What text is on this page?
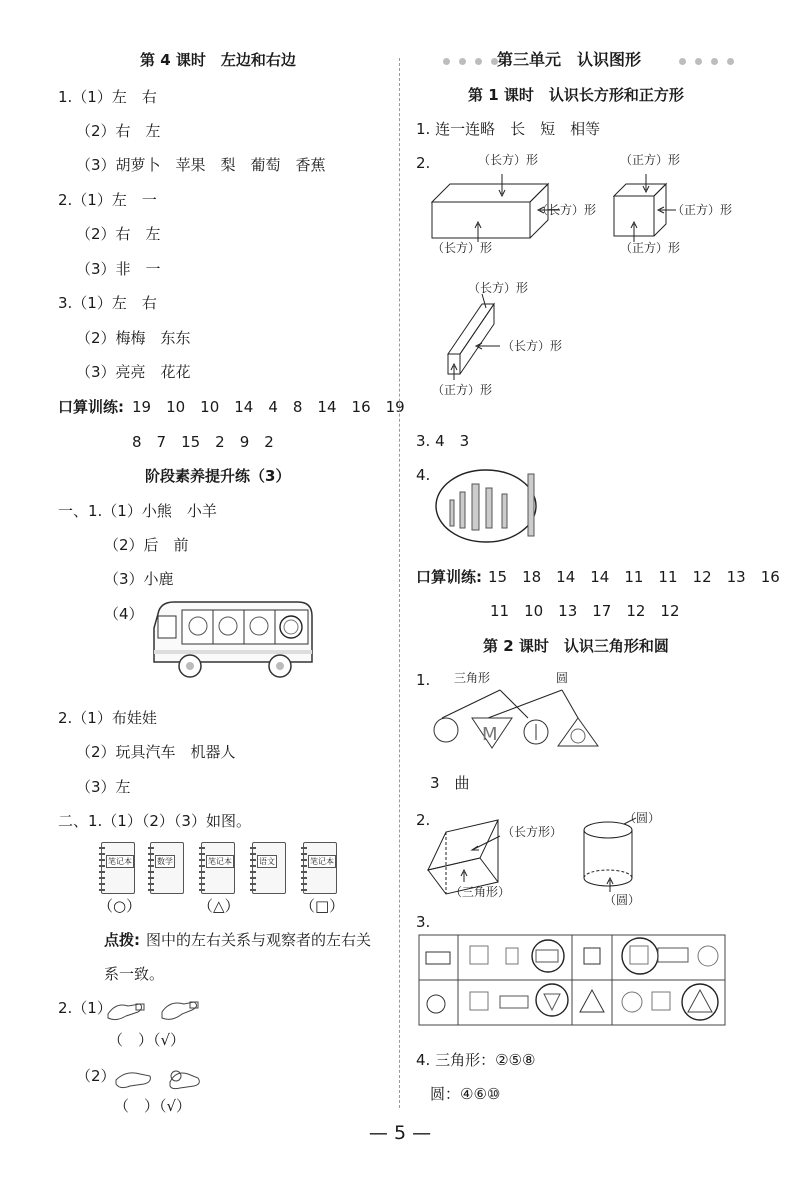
第 4 课时　左边和右边
1.（1）左　右
（2）右　左
（3）胡萝卜　苹果　梨　葡萄　香蕉
2.（1）左　一
（2）右　左
（3）非　一
3.（1）左　右
（2）梅梅　东东
（3）亮亮　花花
口算训练: 19　10　10　14　4　8　14　16　19
8　7　15　2　9　2
阶段素养提升练（3）
一、1.（1）小熊　小羊
（2）后　前
（3）小鹿
（4）
2.（1）布娃娃
（2）玩具汽车　机器人
（3）左
二、1.（1）（2）（3）如图。
笔记本	数学	笔记本	语文	笔记本
（○）	（△）	（□）
点拨: 图中的左右关系与观察者的左右关
系一致。
2.（1）
（　）（√）
（2）
（　）（√）
第三单元　认识图形
第 1 课时　认识长方形和正方形
1. 连一连略　长　短　相等
2.	（长方）形
（长方）形
（长方）形
（正方）形
（正方）形
（正方）形
（长方）形
（长方）形
（正方）形
3. 4　3
4.
口算训练: 15　18　14　14　11　11　12　13　16
11　10　13　17　12　12
第 2 课时　认识三角形和圆
1. 三角形	圆
M
3　曲
2.
（长方形）
（三角形）
（圆）
（圆）
3.
4. 三角形：②⑤⑧
圆：④⑥⑩
— 5 —
